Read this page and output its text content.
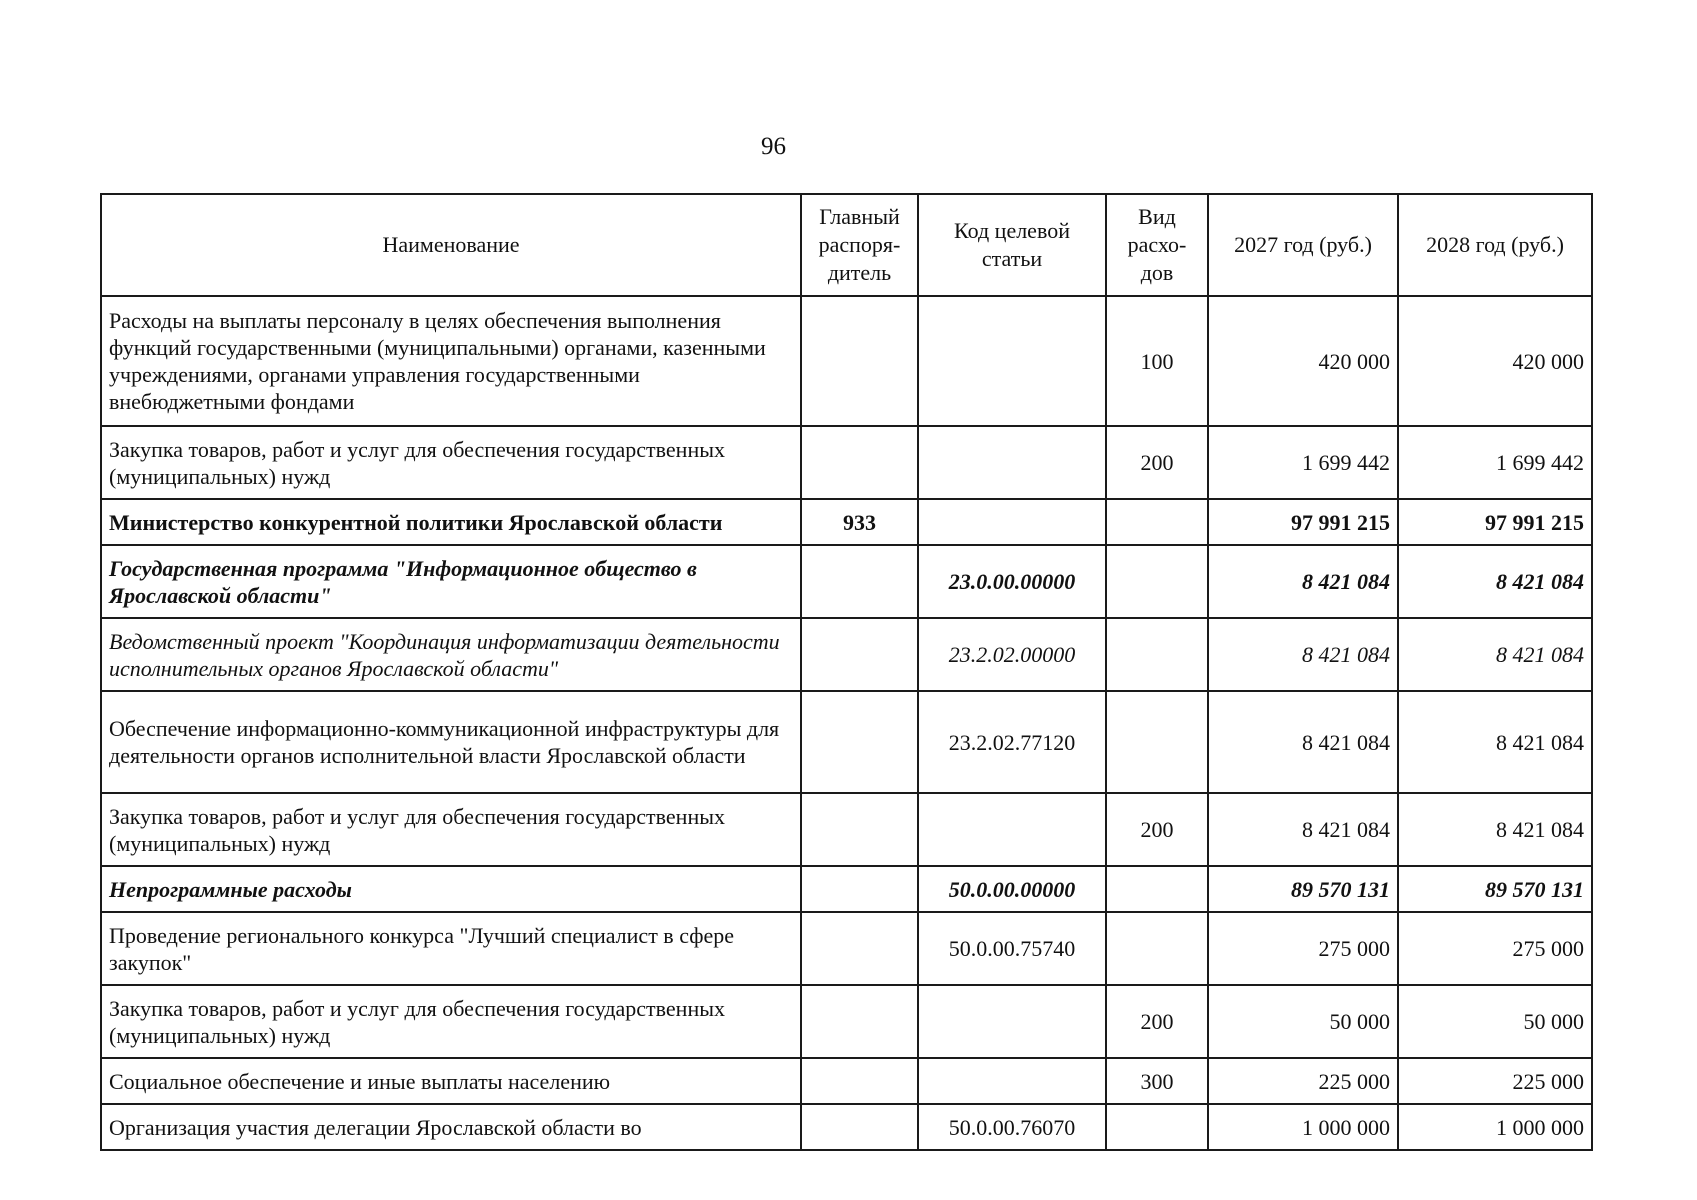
96
Наименование	Главный распоря-дитель	Код целевой статьи	Вид расхо-дов	2027 год (руб.)	2028 год (руб.)
Расходы на выплаты персоналу в целях обеспечения выполнения функций государственными (муниципальными) органами, казенными учреждениями, органами управления государственными внебюджетными фондами			100	420 000	420 000
Закупка товаров, работ и услуг для обеспечения государственных (муниципальных) нужд			200	1 699 442	1 699 442
Министерство конкурентной политики Ярославской области	933			97 991 215	97 991 215
Государственная программа "Информационное общество в Ярославской области"		23.0.00.00000		8 421 084	8 421 084
Ведомственный проект "Координация информатизации деятельности исполнительных органов Ярославской области"		23.2.02.00000		8 421 084	8 421 084
Обеспечение информационно-коммуникационной инфраструктуры для деятельности органов исполнительной власти Ярославской области		23.2.02.77120		8 421 084	8 421 084
Закупка товаров, работ и услуг для обеспечения государственных (муниципальных) нужд			200	8 421 084	8 421 084
Непрограммные расходы		50.0.00.00000		89 570 131	89 570 131
Проведение регионального конкурса "Лучший специалист в сфере закупок"		50.0.00.75740		275 000	275 000
Закупка товаров, работ и услуг для обеспечения государственных (муниципальных) нужд			200	50 000	50 000
Социальное обеспечение и иные выплаты населению			300	225 000	225 000
Организация участия делегации Ярославской области во		50.0.00.76070		1 000 000	1 000 000
